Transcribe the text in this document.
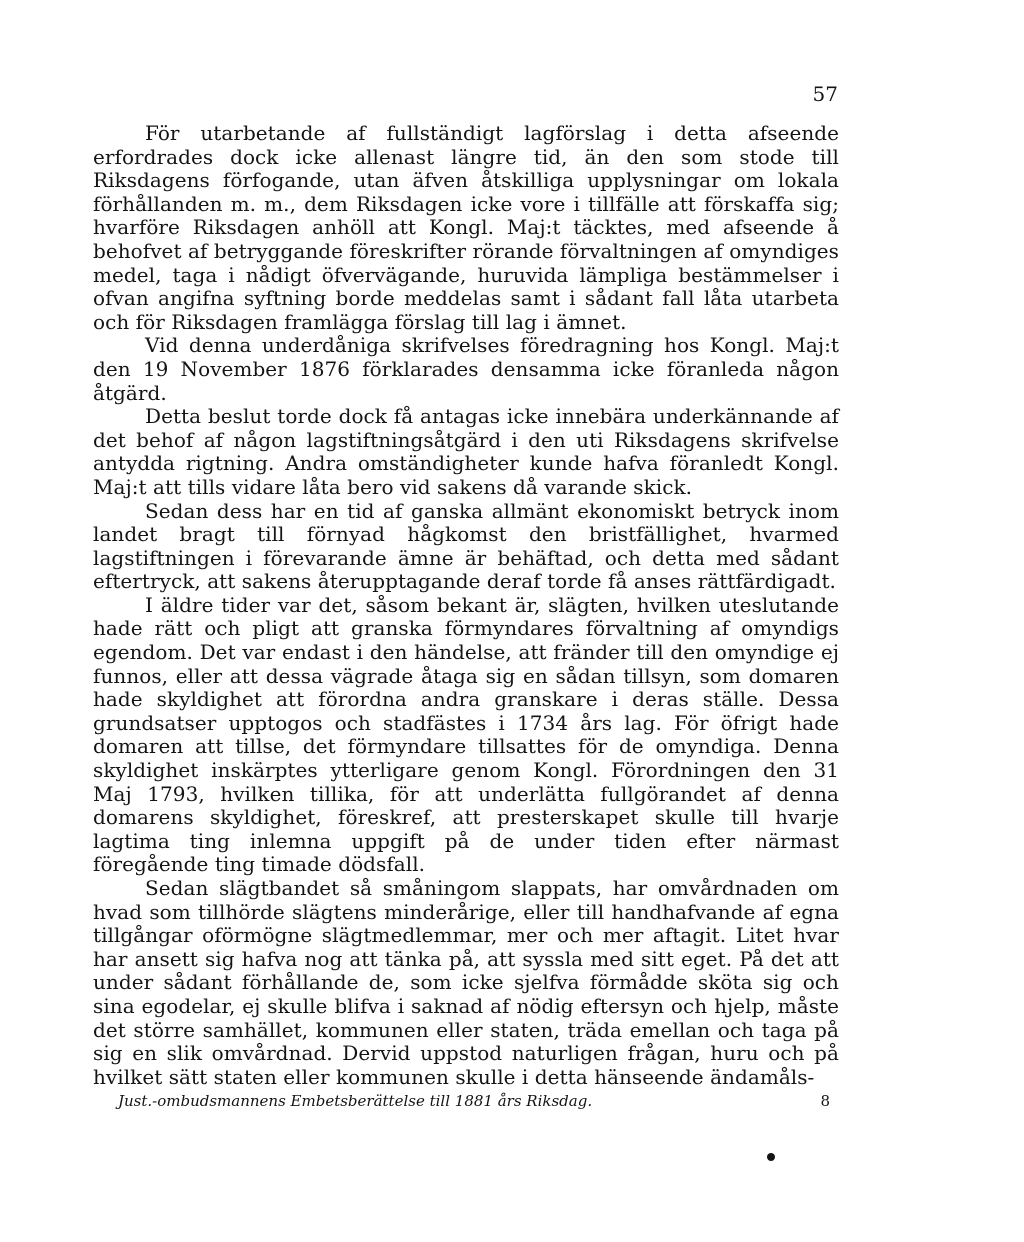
57

För utarbetande af fullständigt lagförslag i detta afseende erfordrades dock icke allenast längre tid, än den som stode till Riksdagens förfogande, utan äfven åtskilliga upplysningar om lokala förhållanden m. m., dem Riksdagen icke vore i tillfälle att förskaffa sig; hvarföre Riksdagen anhöll att Kongl. Maj:t täcktes, med afseende å behofvet af betryggande föreskrifter rörande förvaltningen af omyndiges medel, taga i nådigt öfvervägande, huruvida lämpliga bestämmelser i ofvan angifna syftning borde meddelas samt i sådant fall låta utarbeta och för Riksdagen framlägga förslag till lag i ämnet.

Vid denna underdåniga skrifvelses föredragning hos Kongl. Maj:t den 19 November 1876 förklarades densamma icke föranleda någon åtgärd.

Detta beslut torde dock få antagas icke innebära underkännande af det behof af någon lagstiftningsåtgärd i den uti Riksdagens skrifvelse antydda rigtning. Andra omständigheter kunde hafva föranledt Kongl. Maj:t att tills vidare låta bero vid sakens då varande skick.

Sedan dess har en tid af ganska allmänt ekonomiskt betryck inom landet bragt till förnyad hågkomst den bristfällighet, hvarmed lagstiftningen i förevarande ämne är behäftad, och detta med sådant eftertryck, att sakens återupptagande deraf torde få anses rättfärdigadt.

I äldre tider var det, såsom bekant är, slägten, hvilken uteslutande hade rätt och pligt att granska förmyndares förvaltning af omyndigs egendom. Det var endast i den händelse, att fränder till den omyndige ej funnos, eller att dessa vägrade åtaga sig en sådan tillsyn, som domaren hade skyldighet att förordna andra granskare i deras ställe. Dessa grundsatser upptogos och stadfästes i 1734 års lag. För öfrigt hade domaren att tillse, det förmyndare tillsattes för de omyndiga. Denna skyldighet inskärptes ytterligare genom Kongl. Förordningen den 31 Maj 1793, hvilken tillika, för att underlätta fullgörandet af denna domarens skyldighet, föreskref, att presterskapet skulle till hvarje lagtima ting inlemna uppgift på de under tiden efter närmast föregående ting timade dödsfall.

Sedan slägtbandet så småningom slappats, har omvårdnaden om hvad som tillhörde slägtens minderårige, eller till handhafvande af egna tillgångar oförmögne slägtmedlemmar, mer och mer aftagit. Litet hvar har ansett sig hafva nog att tänka på, att syssla med sitt eget. På det att under sådant förhållande de, som icke sjelfva förmådde sköta sig och sina egodelar, ej skulle blifva i saknad af nödig eftersyn och hjelp, måste det större samhället, kommunen eller staten, träda emellan och taga på sig en slik omvårdnad. Dervid uppstod naturligen frågan, huru och på hvilket sätt staten eller kommunen skulle i detta hänseende ändamåls-

Just.-ombudsmannens Embetsberättelse till 1881 års Riksdag.	8
